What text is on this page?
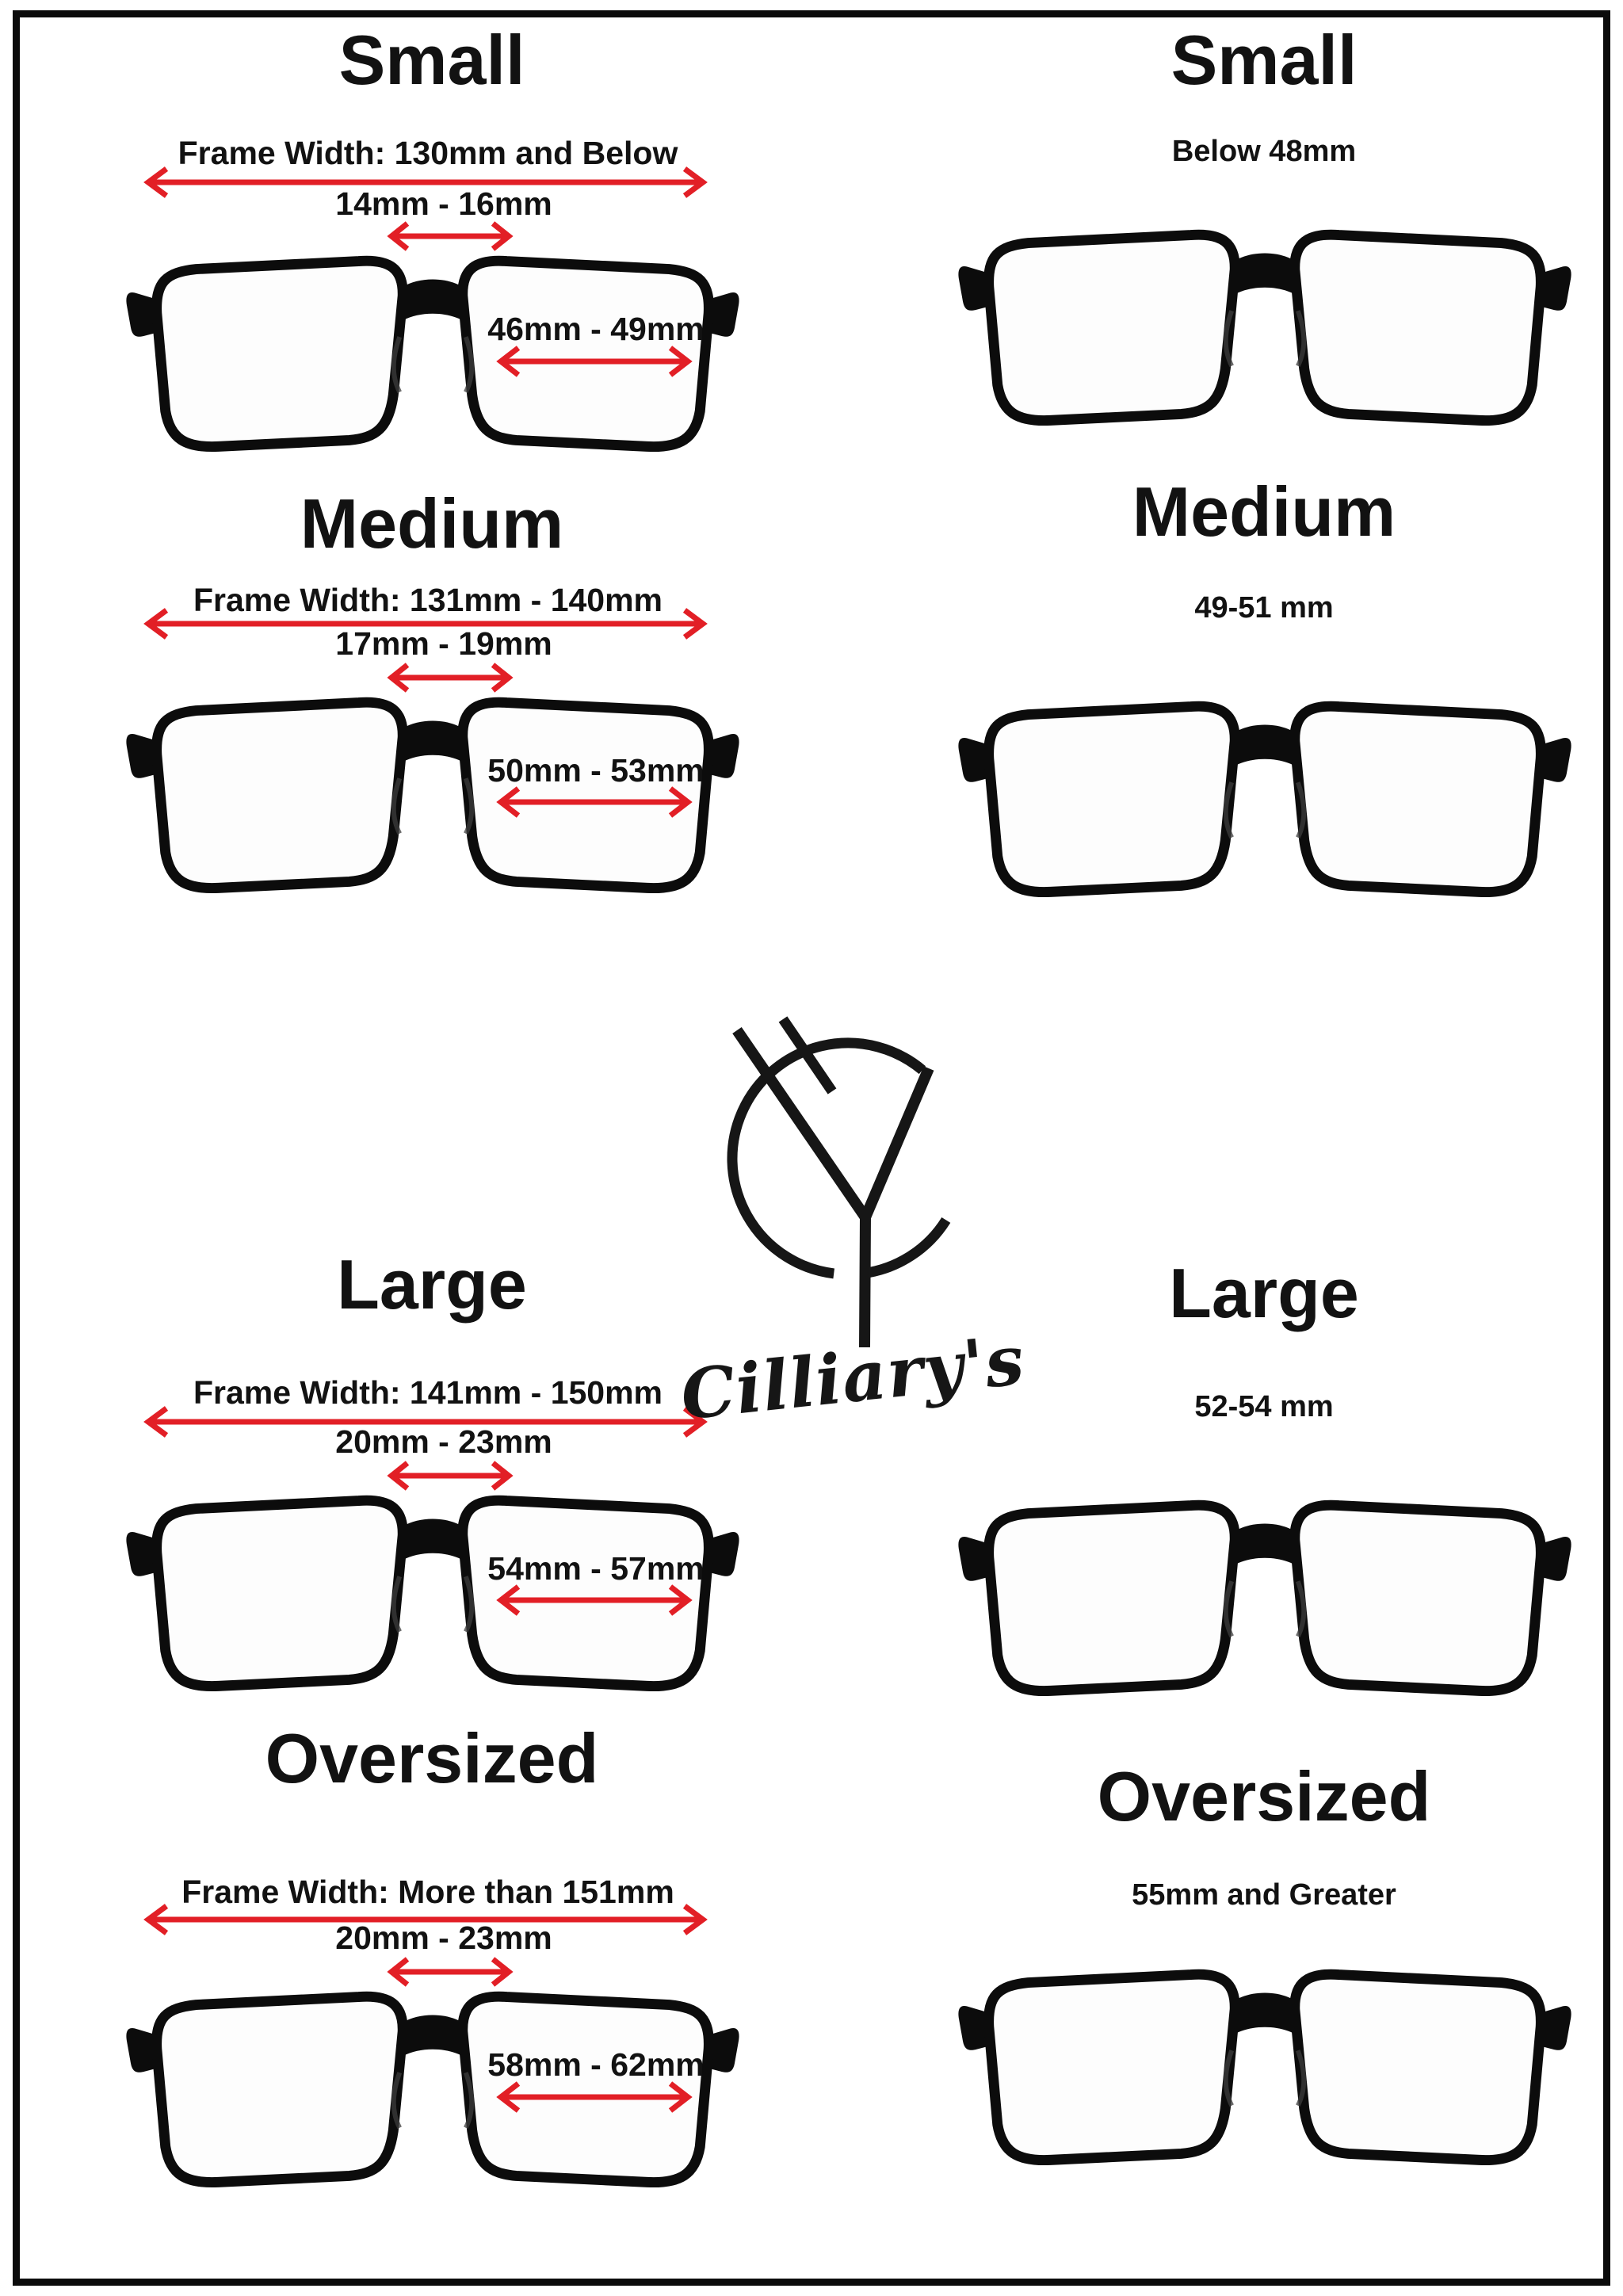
Small
Frame Width: 130mm and Below
14mm - 16mm
46mm - 49mm
Medium
Frame Width: 131mm - 140mm
17mm - 19mm
50mm - 53mm
Large
Frame Width: 141mm - 150mm
20mm - 23mm
54mm - 57mm
Oversized
Frame Width: More than 151mm
20mm - 23mm
58mm - 62mm
Small
Below 48mm
Medium
49-51 mm
Large
52-54 mm
Oversized
55mm and Greater
Cilliary's
